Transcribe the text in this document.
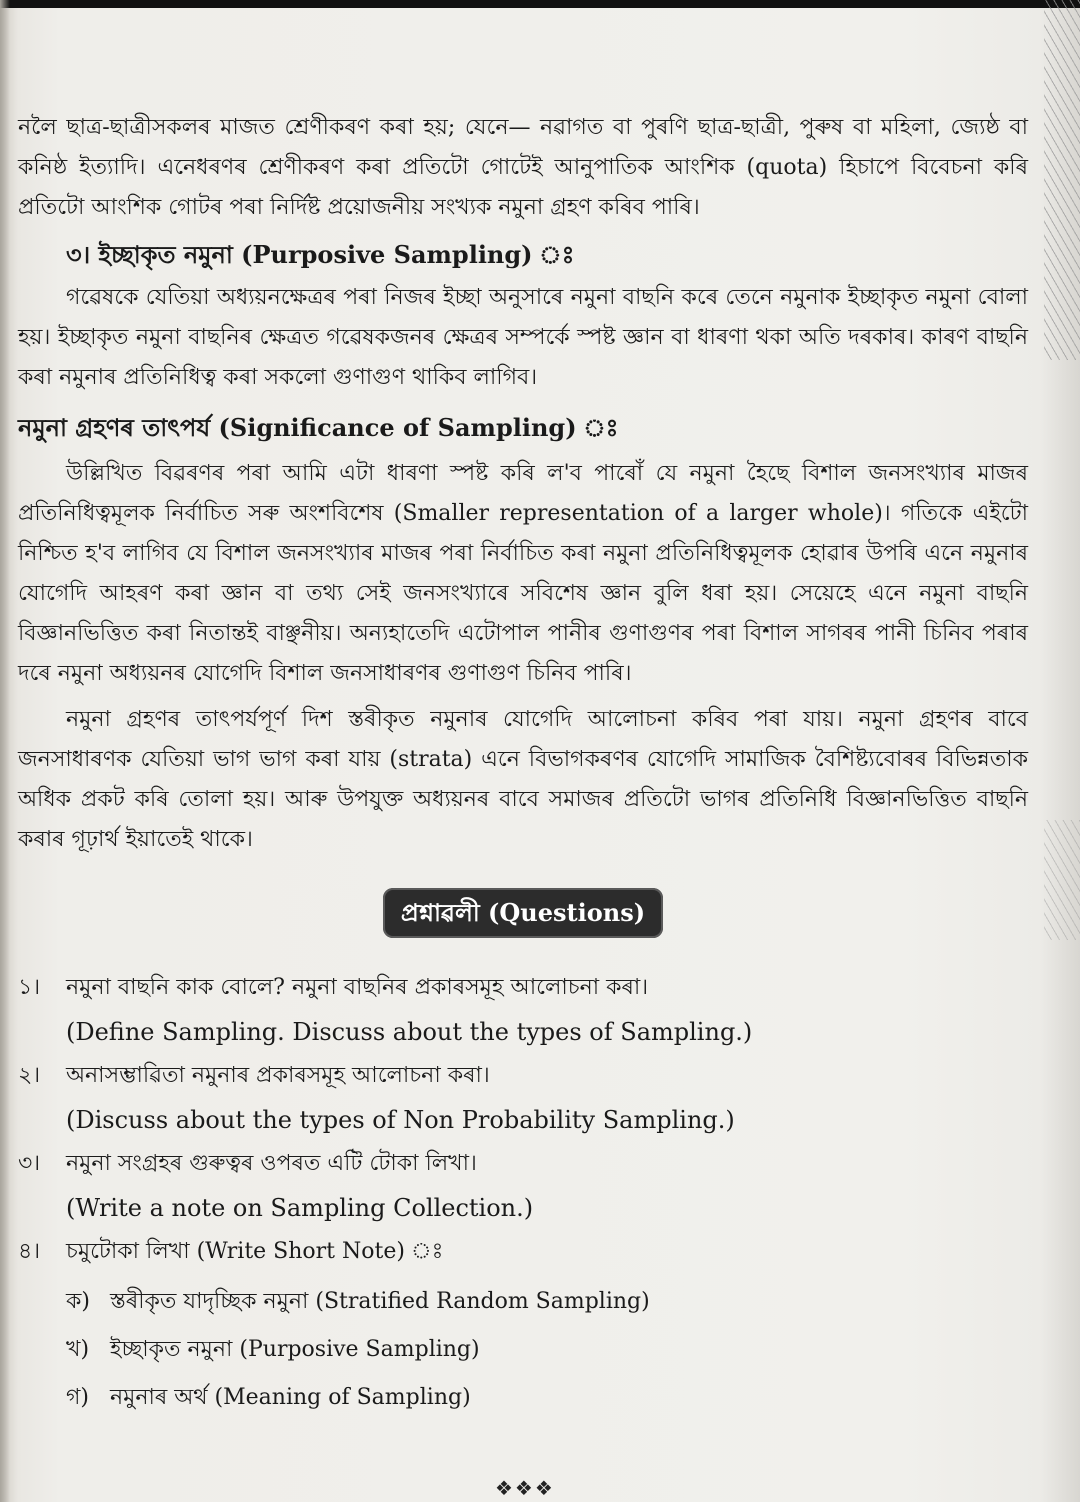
নলৈ ছাত্র-ছাত্রীসকলৰ মাজত শ্ৰেণীকৰণ কৰা হয়; যেনে— নৱাগত বা পুৰণি ছাত্র-ছাত্রী, পুৰুষ বা মহিলা, জ্যেষ্ঠ বা কনিষ্ঠ ইত্যাদি। এনেধৰণৰ শ্ৰেণীকৰণ কৰা প্ৰতিটো গোটেই আনুপাতিক আংশিক (quota) হিচাপে বিবেচনা কৰি প্ৰতিটো আংশিক গোটৰ পৰা নিৰ্দিষ্ট প্ৰয়োজনীয় সংখ্যক নমুনা গ্ৰহণ কৰিব পাৰি।

৩। ইচ্ছাকৃত নমুনা (Purposive Sampling) ঃ

গৱেষকে যেতিয়া অধ্যয়নক্ষেত্ৰৰ পৰা নিজৰ ইচ্ছা অনুসাৰে নমুনা বাছনি কৰে তেনে নমুনাক ইচ্ছাকৃত নমুনা বোলা হয়। ইচ্ছাকৃত নমুনা বাছনিৰ ক্ষেত্ৰত গৱেষকজনৰ ক্ষেত্ৰৰ সম্পৰ্কে স্পষ্ট জ্ঞান বা ধাৰণা থকা অতি দৰকাৰ। কাৰণ বাছনি কৰা নমুনাৰ প্ৰতিনিধিত্ব কৰা সকলো গুণাগুণ থাকিব লাগিব।

নমুনা গ্ৰহণৰ তাৎপৰ্য (Significance of Sampling) ঃ

উল্লিখিত বিৱৰণৰ পৰা আমি এটা ধাৰণা স্পষ্ট কৰি ল'ব পাৰোঁ যে নমুনা হৈছে বিশাল জনসংখ্যাৰ মাজৰ প্ৰতিনিধিত্বমূলক নিৰ্বাচিত সৰু অংশবিশেষ (Smaller representation of a larger whole)। গতিকে এইটো নিশ্চিত হ'ব লাগিব যে বিশাল জনসংখ্যাৰ মাজৰ পৰা নিৰ্বাচিত কৰা নমুনা প্ৰতিনিধিত্বমূলক হোৱাৰ উপৰি এনে নমুনাৰ যোগেদি আহৰণ কৰা জ্ঞান বা তথ্য সেই জনসংখ্যাৰে সবিশেষ জ্ঞান বুলি ধৰা হয়। সেয়েহে এনে নমুনা বাছনি বিজ্ঞানভিত্তিত কৰা নিতান্তই বাঞ্ছনীয়। অন্যহাতেদি এটোপাল পানীৰ গুণাগুণৰ পৰা বিশাল সাগৰৰ পানী চিনিব পৰাৰ দৰে নমুনা অধ্যয়নৰ যোগেদি বিশাল জনসাধাৰণৰ গুণাগুণ চিনিব পাৰি।

নমুনা গ্ৰহণৰ তাৎপৰ্যপূৰ্ণ দিশ স্তৰীকৃত নমুনাৰ যোগেদি আলোচনা কৰিব পৰা যায়। নমুনা গ্ৰহণৰ বাবে জনসাধাৰণক যেতিয়া ভাগ ভাগ কৰা যায় (strata) এনে বিভাগকৰণৰ যোগেদি সামাজিক বৈশিষ্ট্যবোৰৰ বিভিন্নতাক অধিক প্ৰকট কৰি তোলা হয়। আৰু উপযুক্ত অধ্যয়নৰ বাবে সমাজৰ প্ৰতিটো ভাগৰ প্ৰতিনিধি বিজ্ঞানভিত্তিত বাছনি কৰাৰ গূঢ়াৰ্থ ইয়াতেই থাকে।

প্ৰশ্নাৱলী (Questions)
১।	নমুনা বাছনি কাক বোলে? নমুনা বাছনিৰ প্ৰকাৰসমূহ আলোচনা কৰা।

(Define Sampling. Discuss about the types of Sampling.)

২।	অনাসম্ভাৱিতা নমুনাৰ প্ৰকাৰসমূহ আলোচনা কৰা।

(Discuss about the types of Non Probability Sampling.)

৩।	নমুনা সংগ্ৰহৰ গুৰুত্বৰ ওপৰত এটি টোকা লিখা।

(Write a note on Sampling Collection.)

৪।	চমুটোকা লিখা (Write Short Note) ঃ

ক) স্তৰীকৃত যাদৃচ্ছিক নমুনা (Stratified Random Sampling)
খ) ইচ্ছাকৃত নমুনা (Purposive Sampling)
গ) নমুনাৰ অৰ্থ (Meaning of Sampling)
❖❖❖
